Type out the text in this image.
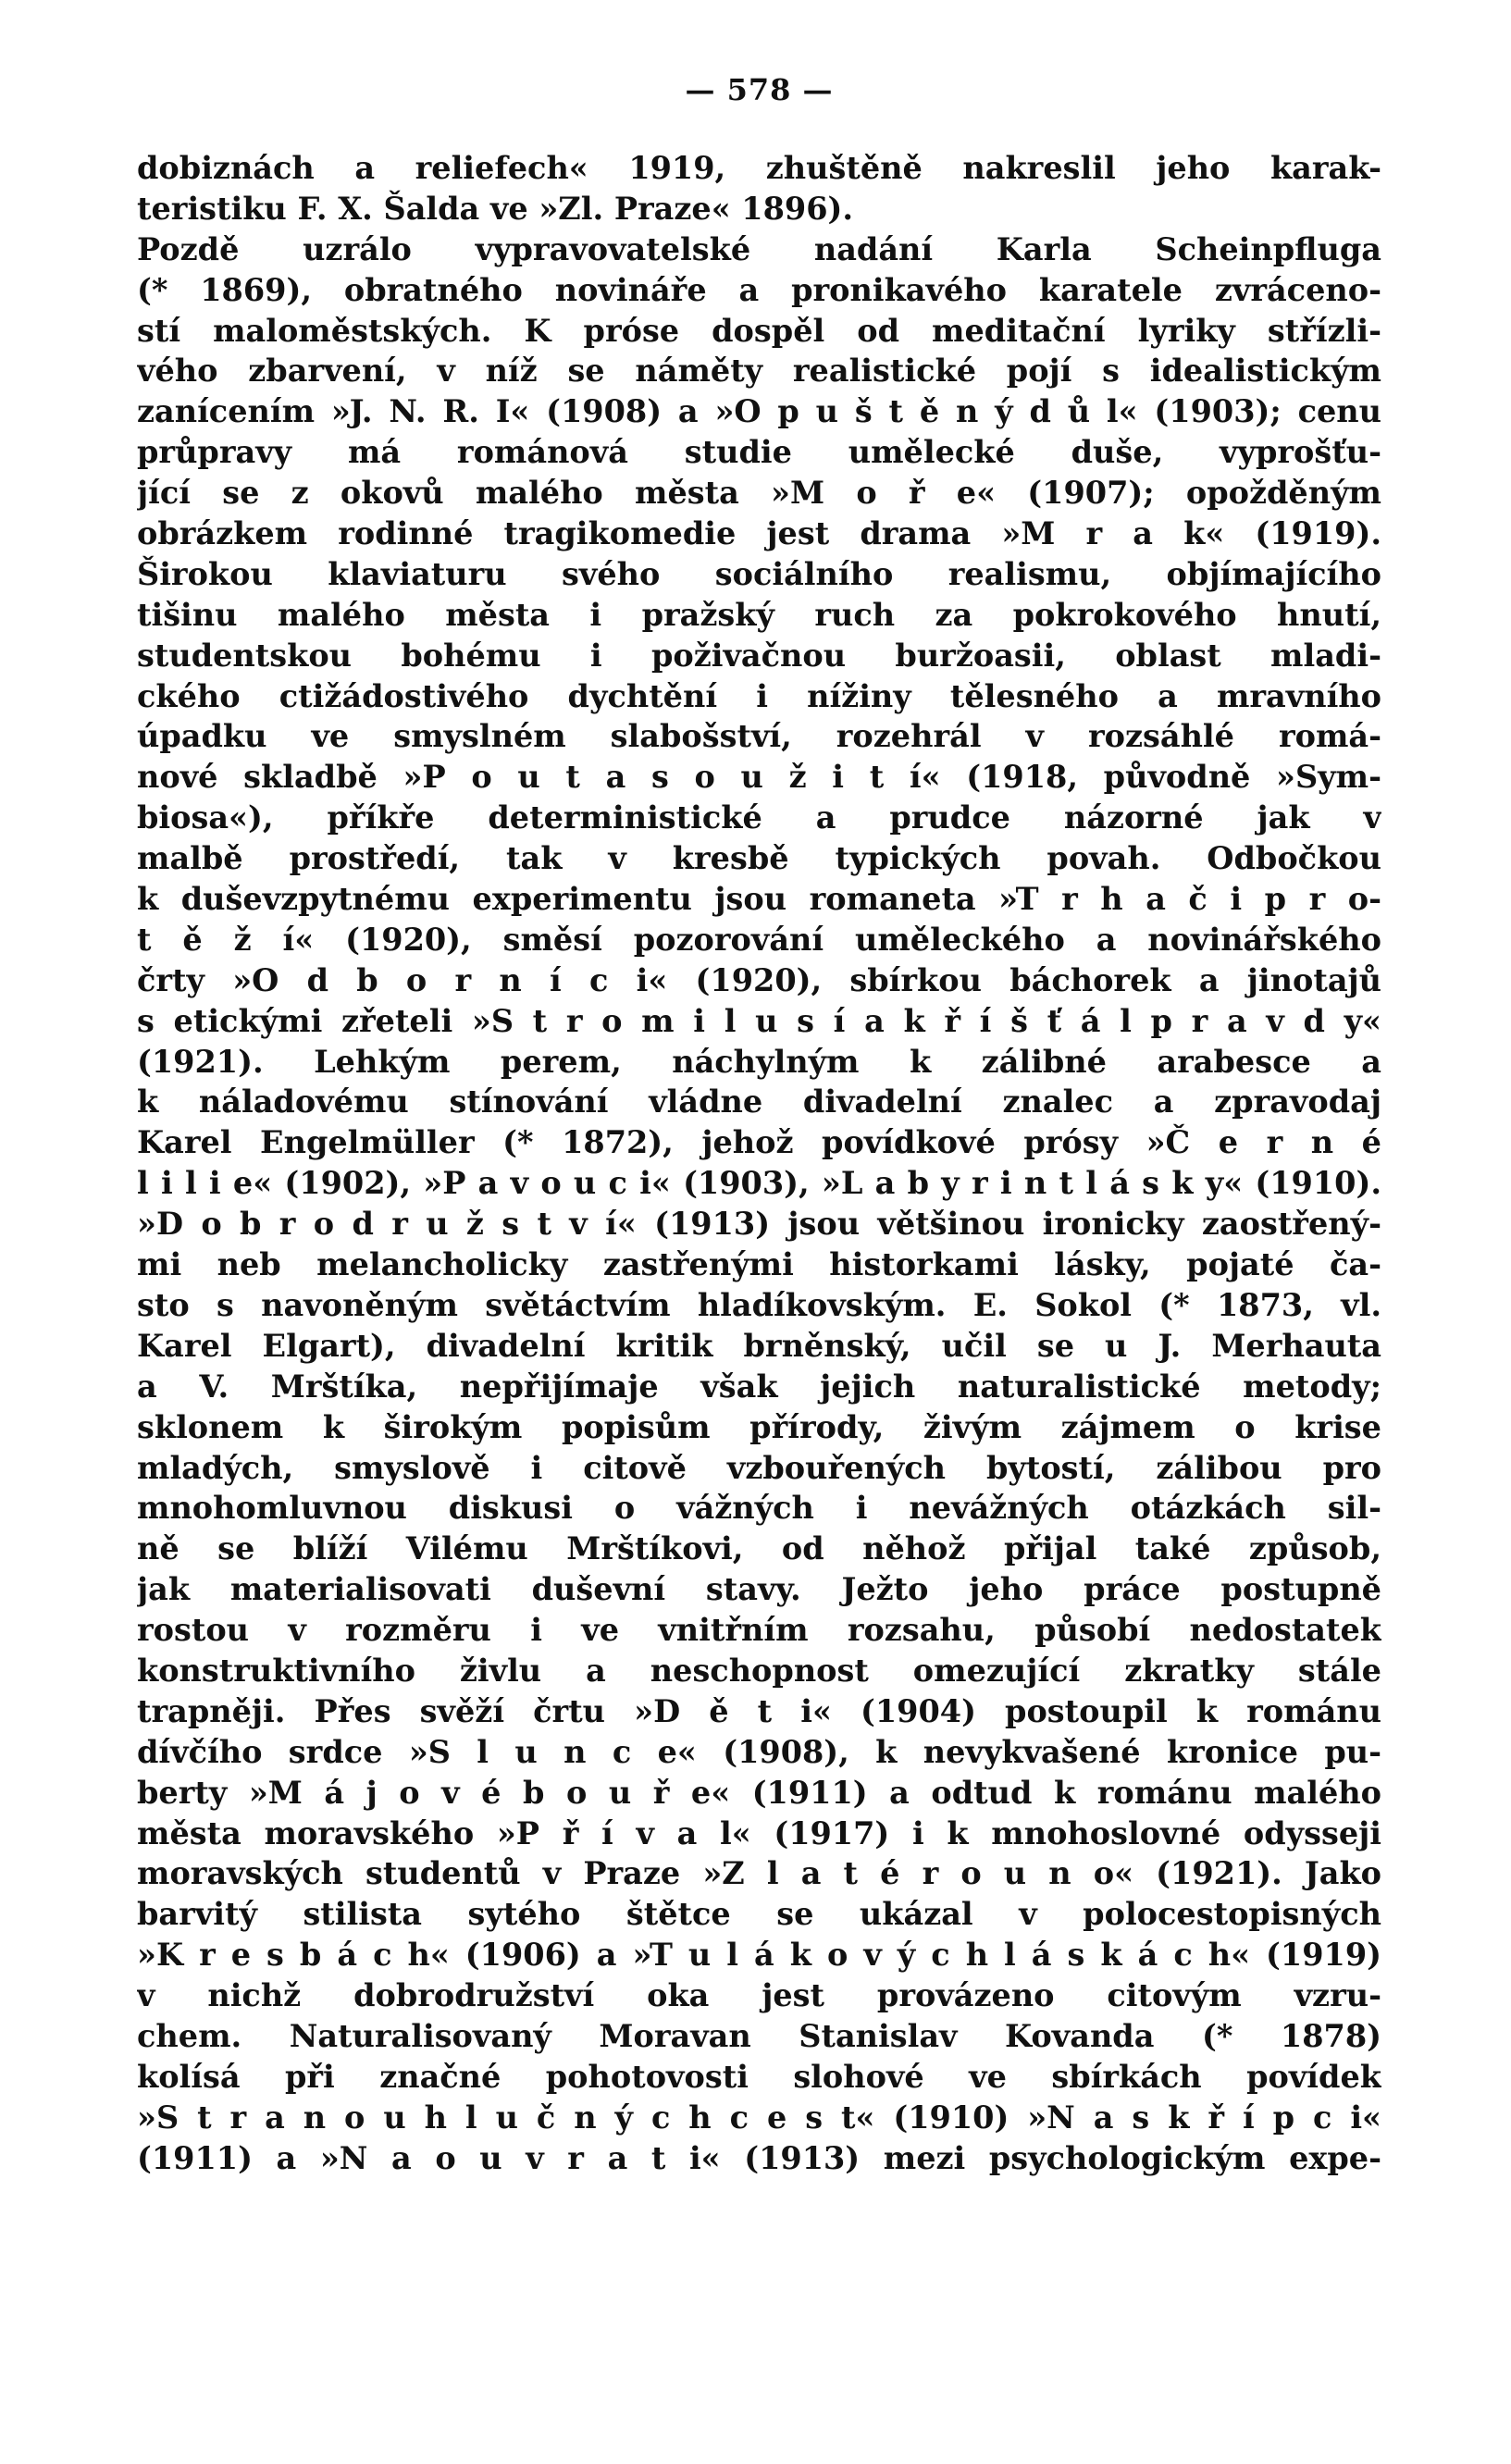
— 578 —
dobiznách a reliefech« 1919, zhuštěně nakreslil jeho karak-
teristiku F. X. Šalda ve »Zl. Praze« 1896).
Pozdě uzrálo vypravovatelské nadání Karla Scheinpfluga
(* 1869), obratného novináře a pronikavého karatele zvráceno-
stí maloměstských. K próse dospěl od meditační lyriky střízli-
vého zbarvení, v níž se náměty realistické pojí s idealistickým
zanícením »J. N. R. I« (1908) a »O p u š t ě n ý d ů l« (1903); cenu
průpravy má románová studie umělecké duše, vyprošťu-
jící se z okovů malého města »M o ř e« (1907); opožděným
obrázkem rodinné tragikomedie jest drama »M r a k« (1919).
Širokou klaviaturu svého sociálního realismu, objímajícího
tišinu malého města i pražský ruch za pokrokového hnutí,
studentskou bohému i poživačnou buržoasii, oblast mladi-
ckého ctižádostivého dychtění i nížiny tělesného a mravního
úpadku ve smyslném slabošství, rozehrál v rozsáhlé romá-
nové skladbě »P o u t a s o u ž i t í« (1918, původně »Sym-
biosa«), příkře deterministické a prudce názorné jak v
malbě prostředí, tak v kresbě typických povah. Odbočkou
k duševzpytnému experimentu jsou romaneta »T r h a č i p r o-
t ě ž í« (1920), směsí pozorování uměleckého a novinářského
črty »O d b o r n í c i« (1920), sbírkou báchorek a jinotajů
s etickými zřeteli »S t r o m i l u s í a k ř í š ť á l p r a v d y«
(1921). Lehkým perem, náchylným k zálibné arabesce a
k náladovému stínování vládne divadelní znalec a zpravodaj
Karel Engelmüller (* 1872), jehož povídkové prósy »Č e r n é
l i l i e« (1902), »P a v o u c i« (1903), »L a b y r i n t l á s k y« (1910).
»D o b r o d r u ž s t v í« (1913) jsou většinou ironicky zaostřený-
mi neb melancholicky zastřenými historkami lásky, pojaté ča-
sto s navoněným světáctvím hladíkovským. E. Sokol (* 1873, vl.
Karel Elgart), divadelní kritik brněnský, učil se u J. Merhauta
a V. Mrštíka, nepřijímaje však jejich naturalistické metody;
sklonem k širokým popisům přírody, živým zájmem o krise
mladých, smyslově i citově vzbouřených bytostí, zálibou pro
mnohomluvnou diskusi o vážných i nevážných otázkách sil-
ně se blíží Vilému Mrštíkovi, od něhož přijal také způsob,
jak materialisovati duševní stavy. Ježto jeho práce postupně
rostou v rozměru i ve vnitřním rozsahu, působí nedostatek
konstruktivního živlu a neschopnost omezující zkratky stále
trapněji. Přes svěží črtu »D ě t i« (1904) postoupil k románu
dívčího srdce »S l u n c e« (1908), k nevykvašené kronice pu-
berty »M á j o v é b o u ř e« (1911) a odtud k románu malého
města moravského »P ř í v a l« (1917) i k mnohoslovné odysseji
moravských studentů v Praze »Z l a t é r o u n o« (1921). Jako
barvitý stilista sytého štětce se ukázal v polocestopisných
»K r e s b á c h« (1906) a »T u l á k o v ý c h l á s k á c h« (1919)
v nichž dobrodružství oka jest provázeno citovým vzru-
chem. Naturalisovaný Moravan Stanislav Kovanda (* 1878)
kolísá při značné pohotovosti slohové ve sbírkách povídek
»S t r a n o u h l u č n ý c h c e s t« (1910) »N a s k ř í p c i«
(1911) a »N a o u v r a t i« (1913) mezi psychologickým expe-
